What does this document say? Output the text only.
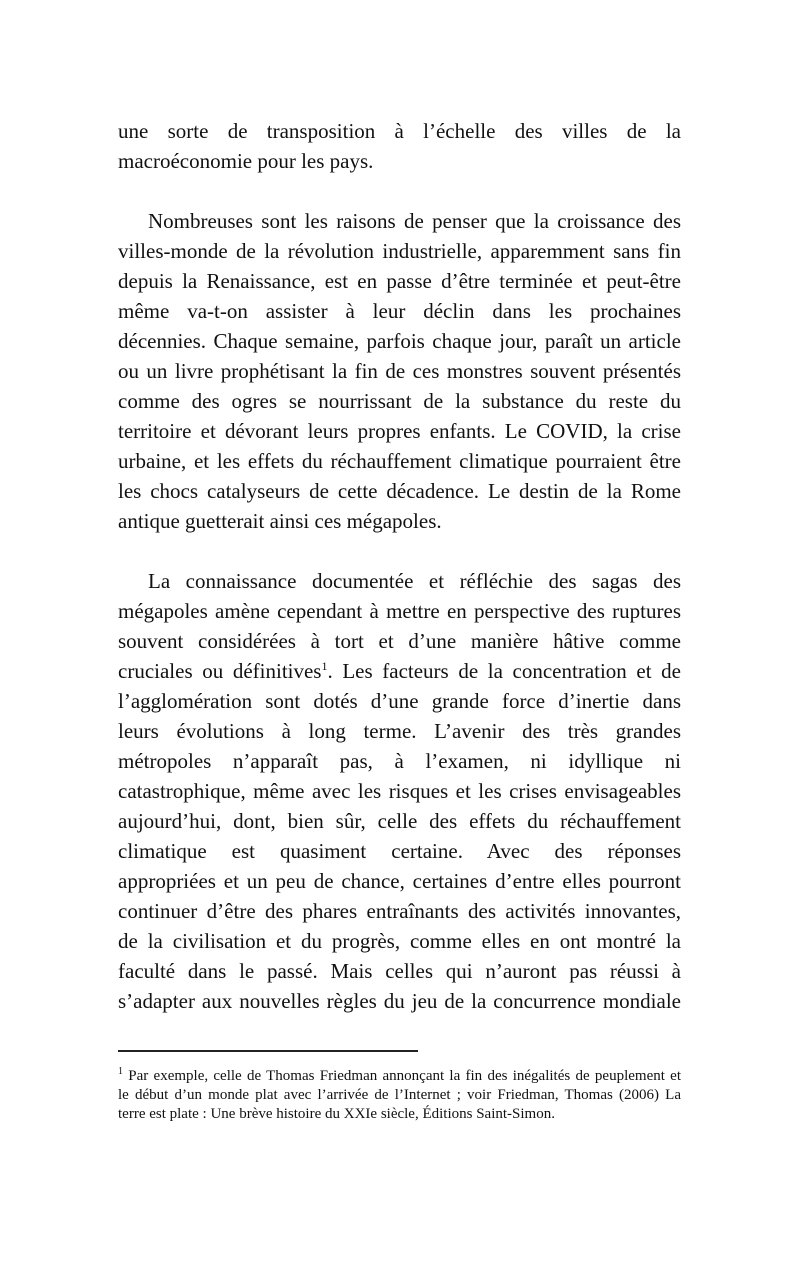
une sorte de transposition à l’échelle des villes de la
macroéconomie pour les pays.
Nombreuses sont les raisons de penser que la croissance des
villes-monde de la révolution industrielle, apparemment sans fin
depuis la Renaissance, est en passe d’être terminée et peut-être
même va-t-on assister à leur déclin dans les prochaines
décennies. Chaque semaine, parfois chaque jour, paraît un article
ou un livre prophétisant la fin de ces monstres souvent présentés
comme des ogres se nourrissant de la substance du reste du
territoire et dévorant leurs propres enfants. Le COVID, la crise
urbaine, et les effets du réchauffement climatique pourraient être
les chocs catalyseurs de cette décadence. Le destin de la Rome
antique guetterait ainsi ces mégapoles.
La connaissance documentée et réfléchie des sagas des
mégapoles amène cependant à mettre en perspective des ruptures
souvent considérées à tort et d’une manière hâtive comme
cruciales ou définitives$^1$. Les facteurs de la concentration et de
l’agglomération sont dotés d’une grande force d’inertie dans
leurs évolutions à long terme. L’avenir des très grandes
métropoles n’apparaît pas, à l’examen, ni idyllique ni
catastrophique, même avec les risques et les crises envisageables
aujourd’hui, dont, bien sûr, celle des effets du réchauffement
climatique est quasiment certaine. Avec des réponses
appropriées et un peu de chance, certaines d’entre elles pourront
continuer d’être des phares entraînants des activités innovantes,
de la civilisation et du progrès, comme elles en ont montré la
faculté dans le passé. Mais celles qui n’auront pas réussi à
s’adapter aux nouvelles règles du jeu de la concurrence mondiale
$^1$ Par exemple, celle de Thomas Friedman annonçant la fin des inégalités de peuplement et
le début d’un monde plat avec l’arrivée de l’Internet ; voir Friedman, Thomas (2006) La
terre est plate : Une brève histoire du XXIe siècle, Éditions Saint-Simon.
